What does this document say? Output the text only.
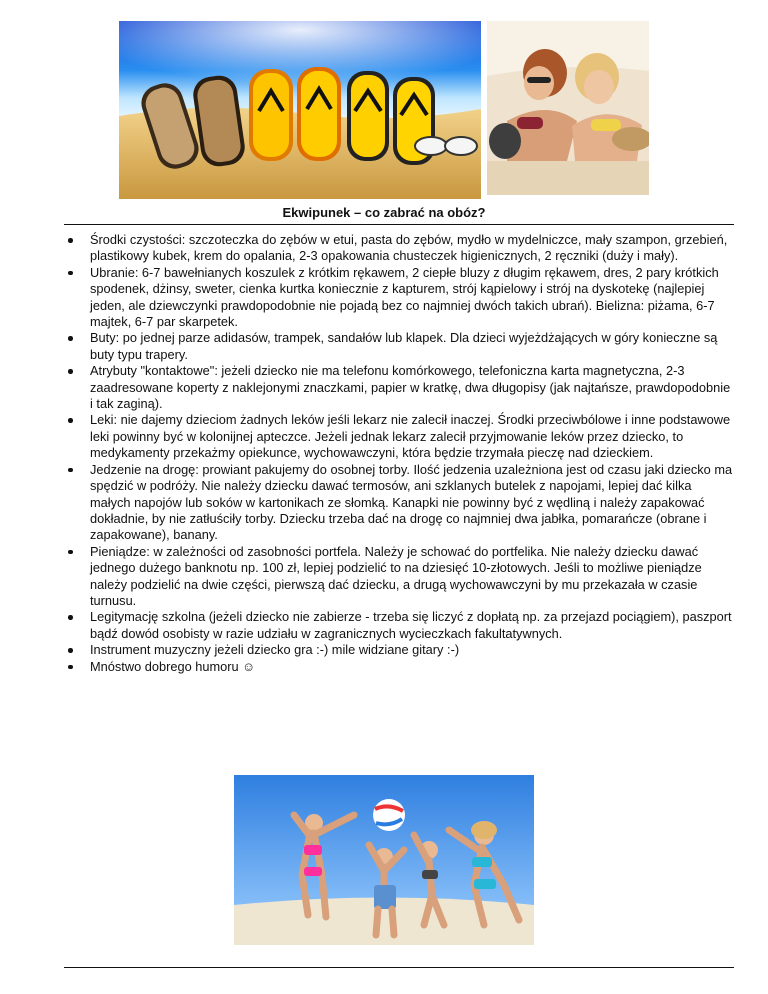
Ekwipunek – co zabrać na obóz?
Środki czystości: szczoteczka do zębów w etui, pasta do zębów, mydło w mydelniczce, mały szampon, grzebień, plastikowy kubek, krem do opalania, 2-3 opakowania chusteczek higienicznych, 2 ręczniki (duży i mały).
Ubranie: 6-7 bawełnianych koszulek z krótkim rękawem, 2 ciepłe bluzy z długim rękawem, dres, 2 pary krótkich spodenek, dżinsy, sweter, cienka kurtka koniecznie z kapturem, strój kąpielowy i strój na dyskotekę (najlepiej jeden, ale dziewczynki prawdopodobnie nie pojadą bez co najmniej dwóch takich ubrań). Bielizna: piżama, 6-7 majtek, 6-7 par skarpetek.
Buty: po jednej parze adidasów, trampek, sandałów lub klapek. Dla dzieci wyjeżdżających w góry konieczne są buty typu trapery.
Atrybuty "kontaktowe": jeżeli dziecko nie ma telefonu komórkowego, telefoniczna karta magnetyczna, 2-3 zaadresowane koperty z naklejonymi znaczkami, papier w kratkę, dwa długopisy (jak najtańsze, prawdopodobnie i tak zaginą).
Leki: nie dajemy dzieciom żadnych leków jeśli lekarz nie zalecił inaczej. Środki przeciwbólowe i inne podstawowe leki powinny być w kolonijnej apteczce. Jeżeli jednak lekarz zalecił przyjmowanie leków przez dziecko, to medykamenty przekażmy opiekunce, wychowawczyni, która będzie trzymała pieczę nad dzieckiem.
Jedzenie na drogę: prowiant pakujemy do osobnej torby. Ilość jedzenia uzależniona jest od czasu jaki dziecko ma spędzić w podróży. Nie należy dziecku dawać termosów, ani szklanych butelek z napojami, lepiej dać kilka małych napojów lub soków w kartonikach ze słomką. Kanapki nie powinny być z wędliną i należy zapakować dokładnie, by nie zatłuściły torby. Dziecku trzeba dać na drogę co najmniej dwa jabłka, pomarańcze (obrane i zapakowane), banany.
Pieniądze: w zależności od zasobności portfela. Należy je schować do portfelika. Nie należy dziecku dawać jednego dużego banknotu np. 100 zł, lepiej podzielić to na dziesięć 10-złotowych. Jeśli to możliwe pieniądze należy podzielić na dwie części, pierwszą dać dziecku, a drugą wychowawczyni by mu przekazała w czasie turnusu.
Legitymację szkolna (jeżeli dziecko nie zabierze - trzeba się liczyć z dopłatą np. za przejazd pociągiem), paszport bądź dowód osobisty w razie udziału w zagranicznych wycieczkach fakultatywnych.
Instrument muzyczny jeżeli dziecko gra :-) mile widziane gitary :-)
Mnóstwo dobrego humoru ☺
